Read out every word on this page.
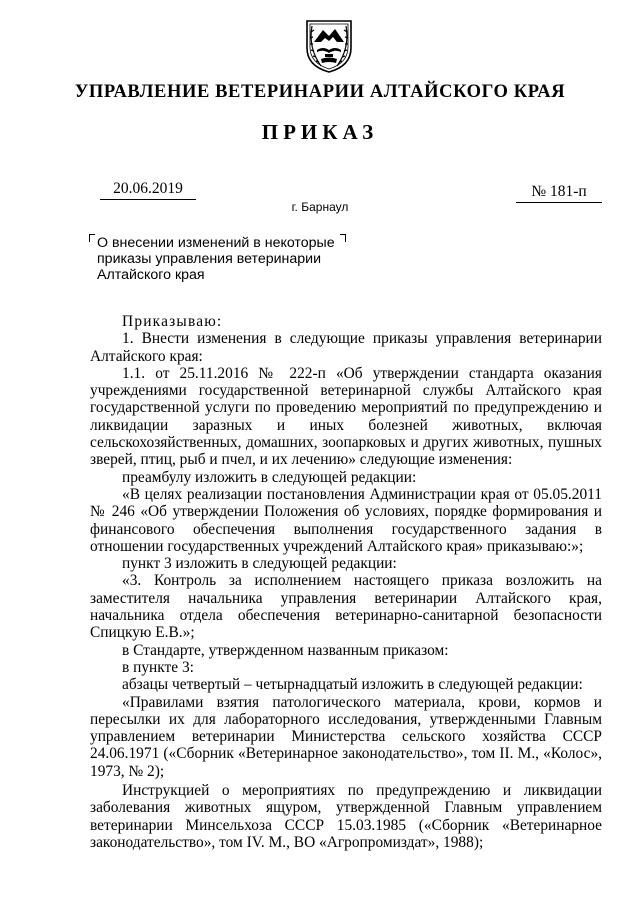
УПРАВЛЕНИЕ ВЕТЕРИНАРИИ АЛТАЙСКОГО КРАЯ
ПРИКАЗ
20.06.2019	№ 181-п
г. Барнаул
О внесении изменений в некоторые приказы управления ветеринарии Алтайского края

Приказываю:

1. Внести изменения в следующие приказы управления ветеринарии Алтайского края:

1.1. от 25.11.2016 № 222-п «Об утверждении стандарта оказания учреждениями государственной ветеринарной службы Алтайского края государственной услуги по проведению мероприятий по предупреждению и ликвидации заразных и иных болезней животных, включая сельскохозяйственных, домашних, зоопарковых и других животных, пушных зверей, птиц, рыб и пчел, и их лечению» следующие изменения:

преамбулу изложить в следующей редакции:

«В целях реализации постановления Администрации края от 05.05.2011 № 246 «Об утверждении Положения об условиях, порядке формирования и финансового обеспечения выполнения государственного задания в отношении государственных учреждений Алтайского края» приказываю:»;

пункт 3 изложить в следующей редакции:

«3. Контроль за исполнением настоящего приказа возложить на заместителя начальника управления ветеринарии Алтайского края, начальника отдела обеспечения ветеринарно-санитарной безопасности Спицкую Е.В.»;

в Стандарте, утвержденном названным приказом:

в пункте 3:

абзацы четвертый – четырнадцатый изложить в следующей редакции:

«Правилами взятия патологического материала, крови, кормов и пересылки их для лабораторного исследования, утвержденными Главным управлением ветеринарии Министерства сельского хозяйства СССР 24.06.1971 («Сборник «Ветеринарное законодательство», том II. М., «Колос», 1973, № 2);

Инструкцией о мероприятиях по предупреждению и ликвидации заболевания животных ящуром, утвержденной Главным управлением ветеринарии Минсельхоза СССР 15.03.1985 («Сборник «Ветеринарное законодательство», том IV. М., ВО «Агропромиздат», 1988);
